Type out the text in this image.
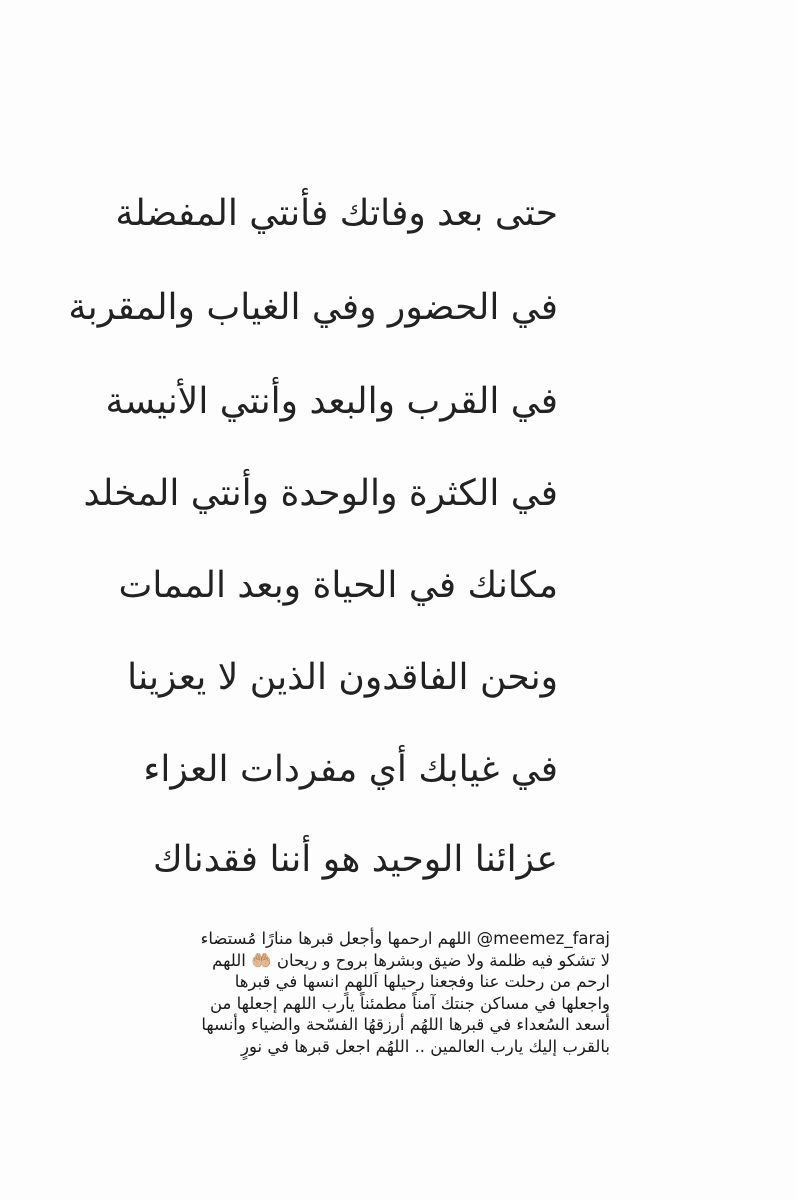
حتى بعد وفاتك فأنتي المفضلة
في الحضور وفي الغياب والمقربة
في القرب والبعد وأنتي الأنيسة
في الكثرة والوحدة وأنتي المخلد
مكانك في الحياة وبعد الممات
ونحن الفاقدون الذين لا يعزينا
في غيابك أي مفردات العزاء
عزائنا الوحيد هو أننا فقدناك
@meemez_faraj اللهم ارحمها وأجعل قبرها منارًا مُستضاء لا تشكو فيه ظلمة ولا ضيق وبشرها بروح و ريحان 🤲🏼 اللهم ارحم من رحلت عنا وفجعنا رحيلها اَللهمٍ انسها في قبرها واجعلها في مساكن جنتك آمناً مطمئناً يارب اللهم إجعلها من أسعد السُعداء في قبرها اللهُم أرزقهُا الفسّحة والضياء وأنسها بالقرب إليك يارب العالمين .. اللهُم اجعل قبرها في نورٍ
